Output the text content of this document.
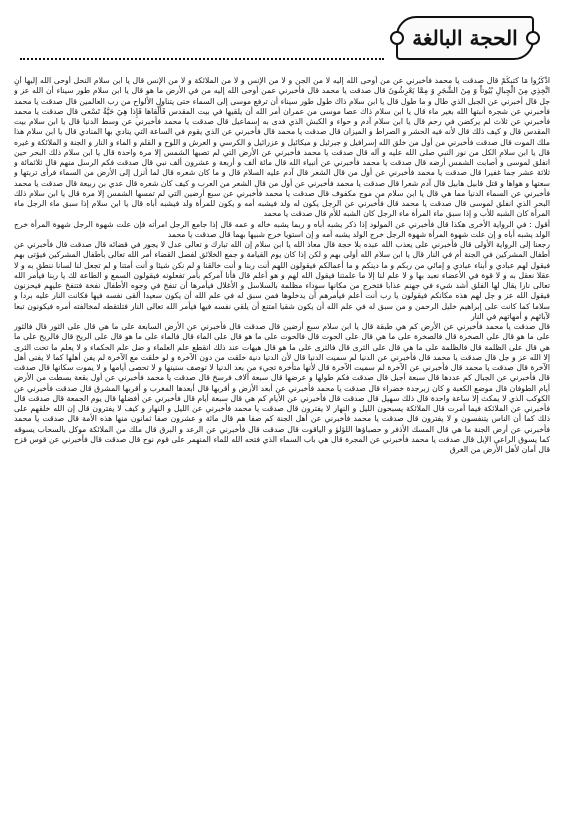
الحجة البالغة

اذْكُرُوا مَا كتبكُمْ قال صدقت يا محمد فأخبرني عن من أوحى الله إليه لا من الجن و لا من الإنس و لا من الملائكة و لا من الإنس قال يا ابن سلام النحل أوحى الله إليها أَنِ اتَّخِذِي مِنَ الْجِبالِ بُيُوتاً وَ مِنَ الشَّجَرِ وَ مِمَّا يَعْرِشُونَ قال صدقت يا محمد قال فأخبرني عمن أوحى الله إليه من في الأرض ما هو قال يا ابن سلام طور سيناء أن الله عز و جل قال أخبرني عن الجبل الذي طال و ما طول قال يا ابن سلام ذاك طول طور سيناء أن ترفع موسى إلى السماء حتى يتناول الألواح من رب العالمين قال صدقت يا محمد فأخبرني عن شجرة أنبتها الله بغير ماء قال يا ابن سلام ذاك عصا موسى من عمران أمر الله أن يلقيها في بيت المقدس فَأَلْقاها فَإِذا هِيَ حَيَّةٌ تَسْعى قال صدقت يا محمد فأخبرني عن ثلاث لم يركضن في رحم قال يا ابن سلام آدم و حواء و الكبش الذي فدى به إسماعيل قال صدقت يا محمد فأخبرني عن وسط الدنيا قال يا ابن سلام بيت المقدس قال و كيف ذلك قال لأنه فيه الحشر و الصراط و الميزان قال صدقت يا محمد قال فأخبرني عن الذي يقوم في الساعة التي ينادي بها المنادي قال يا ابن سلام هذا ملك الموت قال صدقت فأخبرني من أول من خلق الله إسرافيل و جبرئيل و ميكائيل و عزرائيل و الكرسي و العرش و اللوح و القلم و الماء و النار و الجنة و الملائكة و غيره قال يا ابن سلام الكل من نور النبي صلى الله عليه و آله قال صدقت يا محمد فأخبرني عن الأرض التي لم تصبها الشمس إلا مرة واحدة قال يا ابن سلام ذلك البحر حين انفلق لموسى و أصابت الشمس أرضه قال صدقت يا محمد فأخبرني عن أنبياء الله قال مائة ألف و أربعة و عشرون ألف نبي قال صدقت فكم الرسل منهم قال ثلاثمائة و ثلاثة عشر جما غفيرا قال صدقت يا محمد فأخبرني عن أول من قال الشعر قال آدم عليه السلام قال و ما كان شعره قال لما أنزل إلى الأرض من السماء فرأى تربتها و سعتها و هواها و قتل قابيل هابيل قال آدم شعرا قال صدقت يا محمد فأخبرني عن أول من قال الشعر من العرب و كيف كان شعره قال عدي بن ربيعة قال صدقت يا محمد فأخبرني عن السماء الدنيا مما هي قال يا ابن سلام من موج مكفوف قال صدقت يا محمد فأخبرني عن سبع أرضين التي لم تمسها الشمس إلا مرة قال يا ابن سلام ذلك البحر الذي انفلق لموسى قال صدقت يا محمد قال فأخبرني عن الرجل يكون له ولد فيشبه أمه و يكون للمرأة ولد فيشبه أباه قال يا ابن سلام إذا سبق ماء الرجل ماء المرأة كان الشبه للأب و إذا سبق ماء المرأة ماء الرجل كان الشبه للأم قال صدقت يا محمد

أقول : في الرواية الأخرى هكذا قال فأخبرني عن المولود إذا ذكر يشبه أباه و ربما يشبه خاله و عمه قال إذا جامع الرجل امرأته فإن علت شهوة الرجل شهوة المرأة خرج الولد يشبه أباه و إن علت شهوة المرأة شهوة الرجل خرج الولد يشبه أمه و إن استويا خرج شبيها بهما قال صدقت يا محمد

رجعنا إلى الرواية الأولى قال فأخبرني على يعذب الله عبده بلا حجة قال معاذ الله يا ابن سلام إن الله تبارك و تعالى عدل لا يجور في قضائه قال صدقت قال فأخبرني عن أطفال المشركين في الجنة أم في النار قال يا ابن سلام الله أولى بهم و لكن إذا كان يوم القيامة و جمع الخلائق لفصل القضاء أمر الله تعالى بأطفال المشركين فيؤتى بهم فيقول لهم عبادي و أبناء عبادي و إمائي من ربكم و ما دينكم و ما أعمالكم فيقولون اللهم أنت ربنا و أنت خالقنا و لم نكن شيئا و أنت أمتنا و لم تجعل لنا لسانا ننطق به و لا عقلا نعقل به و لا قوة في الأعضاء نعبد بها و لا علم لنا إلا ما علمتنا فيقول الله لهم و هو أعلم قال فأنا آمركم بأمر تفعلونه فيقولون السمع و الطاعة لك يا ربنا فيأمر الله تعالى نارا يقال لها الفلق أشد شيء في جهنم عذابا فتخرج من مكانها سوداء مظلمة بالسلاسل و الأغلال فيأمرها أن تنفخ في وجوه الأطفال نفخة فتنفخ عليهم فيحزنون فيقول الله عز و جل لهم هذه مكانكم فيقولون يا رب أنت أعلم فيأمرهم أن يدخلوها فمن سبق له في علم الله أن يكون سعيدا ألقى نفسه فيها فكانت النار عليه بردا و سلاما كما كانت على إبراهيم خليل الرحمن و من سبق له في علم الله أن يكون شقيا امتنع أن يلقي نفسه فيها فيأمر الله تعالى النار فتلتقطه لمخالفته أمره فيكونون تبعا لآبائهم و أمهاتهم في النار

قال صدقت يا محمد فأخبرني عن الأرض كم هي طبقة قال يا ابن سلام سبع أرضين قال صدقت قال فأخبرني عن الأرض السابعة على ما هي قال على الثور قال فالثور على ما هو قال على الصخرة قال فالصخرة على ما هي قال على الحوت قال فالحوت على ما هو قال على الماء قال فالماء على ما هو قال على الريح قال فالريح على ما هي قال على الظلمة قال فالظلمة على ما هي قال على الثرى قال فالثرى على ما هو قال هيهات عند ذلك انقطع علم العلماء و ضل علم الحكماء و لا يعلم ما تحت الثرى إلا الله عز و جل قال صدقت يا محمد قال فأخبرني عن الدنيا لم سميت الدنيا قال لأن الدنيا دنية خلقت من دون الآخرة و لو خلقت مع الآخرة لم يفن أهلها كما لا يفنى أهل الآخرة قال صدقت يا محمد قال فأخبرني عن الآخرة لم سميت الآخرة قال لأنها متأخرة تجيء من بعد الدنيا لا توصف سنينها و لا تحصى أيامها و لا يموت سكانها قال صدقت قال فأخبرني عن الجبال كم عددها قال سبعة أجبل قال صدقت فكم طولها و عرضها قال سبعة آلاف فرسخ قال صدقت يا محمد فأخبرني عن أول بقعة بسطت من الأرض أيام الطوفان قال موضع الكعبة و كان زبرجدة خضراء قال صدقت يا محمد فأخبرني عن أبعد الأرض و أقربها قال أبعدها المغرب و أقربها المشرق قال صدقت فأخبرني عن الكوكب الذي لا يمكث إلا ساعة واحدة قال ذلك سهيل قال صدقت قال فأخبرني عن الأيام كم هي قال سبعة أيام قال فأخبرني عن أفضلها قال يوم الجمعة قال صدقت قال فأخبرني عن الملائكة فيما أمرت قال الملائكة يسبحون الليل و النهار لا يفترون قال صدقت يا محمد فأخبرني عن الليل و النهار و كيف لا يفترون قال إن الله خلقهم على ذلك كما أن الناس يتنفسون و لا يفترون قال صدقت يا محمد فأخبرني عن أهل الجنة كم صفا هم قال مائة و عشرون صفا ثمانون منها هذه الأمة قال صدقت يا محمد فأخبرني عن أرض الجنة ما هي قال المسك الأذفر و حصباؤها اللؤلؤ و الياقوت قال صدقت قال فأخبرني عن الرعد و البرق قال ملك من الملائكة موكل بالسحاب يسوقه كما يسوق الراعي الإبل قال صدقت يا محمد فأخبرني عن المجرة قال هي باب السماء الذي فتحه الله للماء المنهمر على قوم نوح قال صدقت قال فأخبرني عن قوس قزح قال أمان لأهل الأرض من الغرق
